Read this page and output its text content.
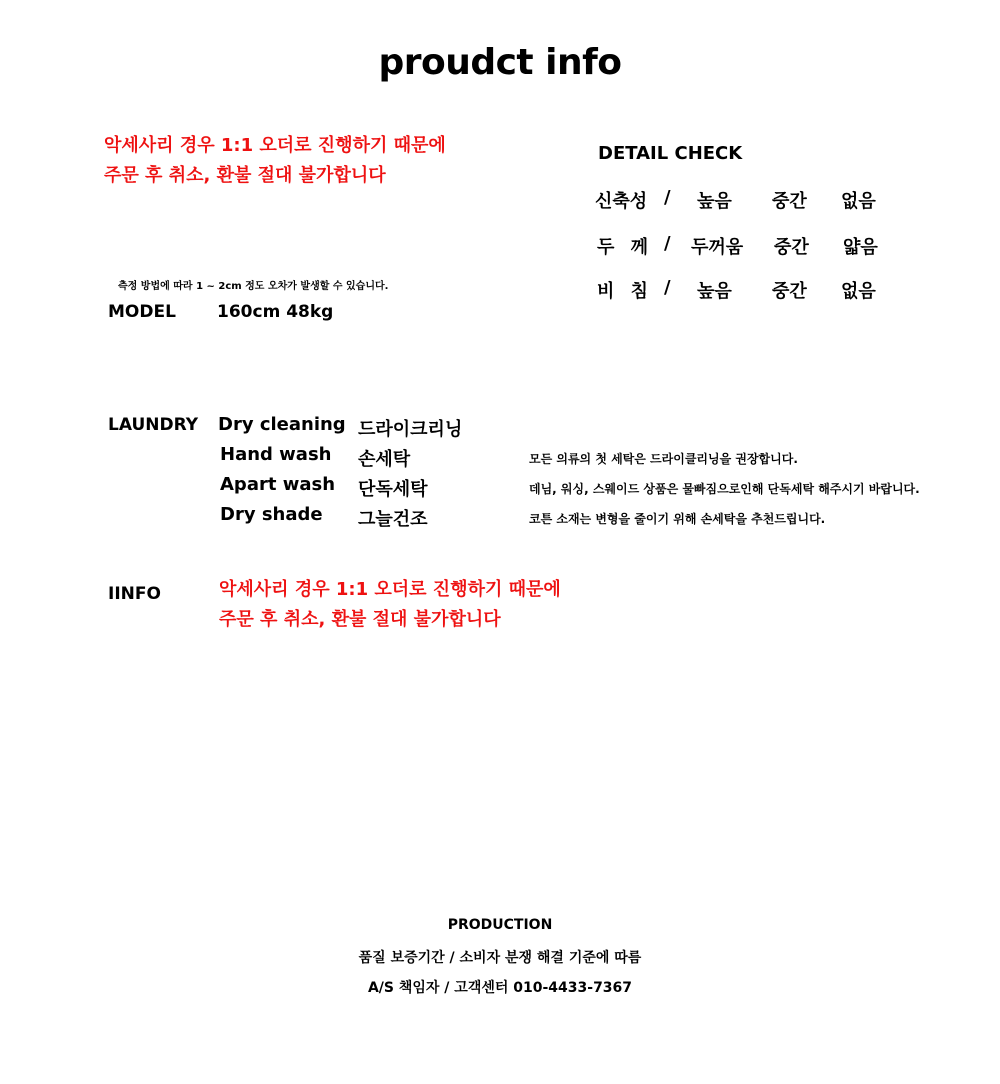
proudct info
악세사리 경우 1:1 오더로 진행하기 때문에
주문 후 취소, 환불 절대 불가합니다
측정 방법에 따라 1 ~ 2cm 정도 오차가 발생할 수 있습니다.
MODEL 160cm 48kg
DETAIL CHECK
신축성 / 높음 중간 없음
두 께 / 두꺼움 중간 얇음
비 침 / 높음 중간 없음
LAUNDRY Dry cleaning 드라이크리닝
Hand wash 손세탁	모든 의류의 첫 세탁은 드라이클리닝을 권장합니다.
Apart wash 단독세탁	데님, 워싱, 스웨이드 상품은 물빠짐으로인해 단독세탁 해주시기 바랍니다.
Dry shade 그늘건조	코튼 소재는 변형을 줄이기 위해 손세탁을 추천드립니다.
IINFO	악세사리 경우 1:1 오더로 진행하기 때문에
주문 후 취소, 환불 절대 불가합니다
PRODUCTION
품질 보증기간 / 소비자 분쟁 해결 기준에 따름
A/S 책임자 / 고객센터 010-4433-7367
